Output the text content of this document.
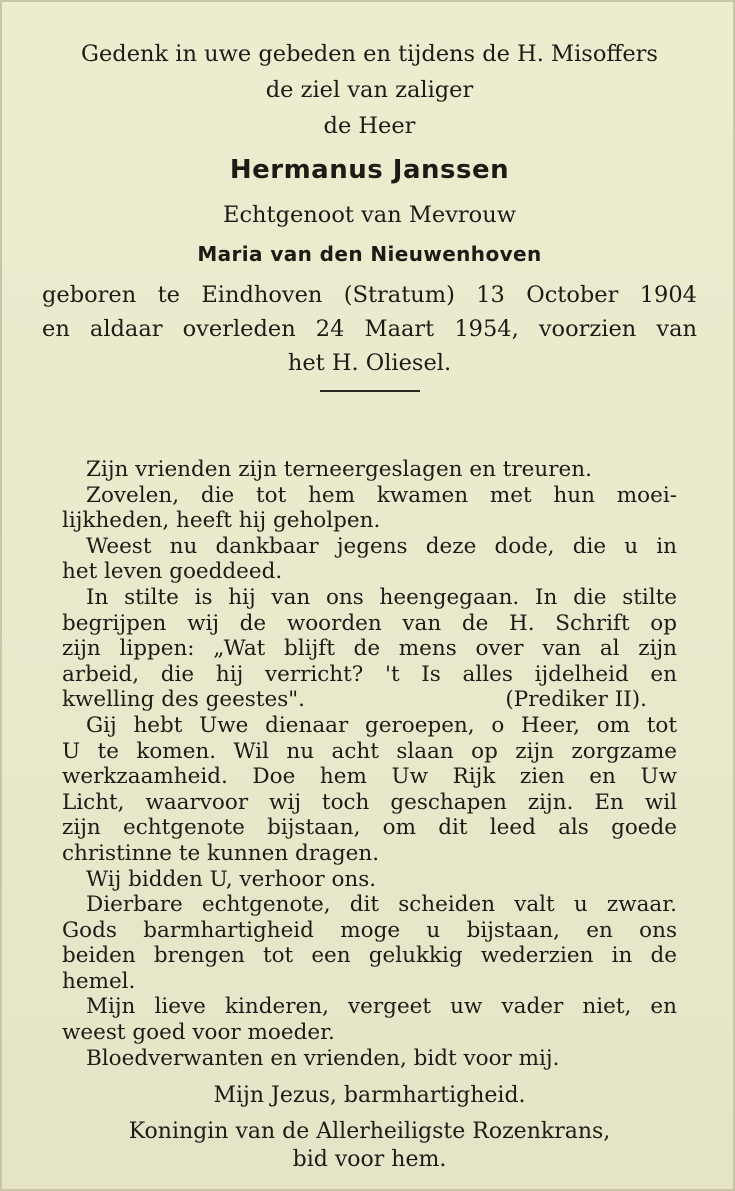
Gedenk in uwe gebeden en tijdens de H. Misoffers
de ziel van zaliger
de Heer
Hermanus Janssen
Echtgenoot van Mevrouw
Maria van den Nieuwenhoven
geboren te Eindhoven (Stratum) 13 October 1904
en aldaar overleden 24 Maart 1954, voorzien van
het H. Oliesel.
Zijn vrienden zijn terneergeslagen en treuren.
Zovelen, die tot hem kwamen met hun moei-
lijkheden, heeft hij geholpen.
Weest nu dankbaar jegens deze dode, die u in
het leven goeddeed.
In stilte is hij van ons heengegaan. In die stilte
begrijpen wij de woorden van de H. Schrift op
zijn lippen: „Wat blijft de mens over van al zijn
arbeid, die hij verricht? 't Is alles ijdelheid en
kwelling des geestes".	(Prediker II).
Gij hebt Uwe dienaar geroepen, o Heer, om tot
U te komen. Wil nu acht slaan op zijn zorgzame
werkzaamheid. Doe hem Uw Rijk zien en Uw
Licht, waarvoor wij toch geschapen zijn. En wil
zijn echtgenote bijstaan, om dit leed als goede
christinne te kunnen dragen.
Wij bidden U, verhoor ons.
Dierbare echtgenote, dit scheiden valt u zwaar.
Gods barmhartigheid moge u bijstaan, en ons
beiden brengen tot een gelukkig wederzien in de
hemel.
Mijn lieve kinderen, vergeet uw vader niet, en
weest goed voor moeder.
Bloedverwanten en vrienden, bidt voor mij.
Mijn Jezus, barmhartigheid.
Koningin van de Allerheiligste Rozenkrans,
bid voor hem.
